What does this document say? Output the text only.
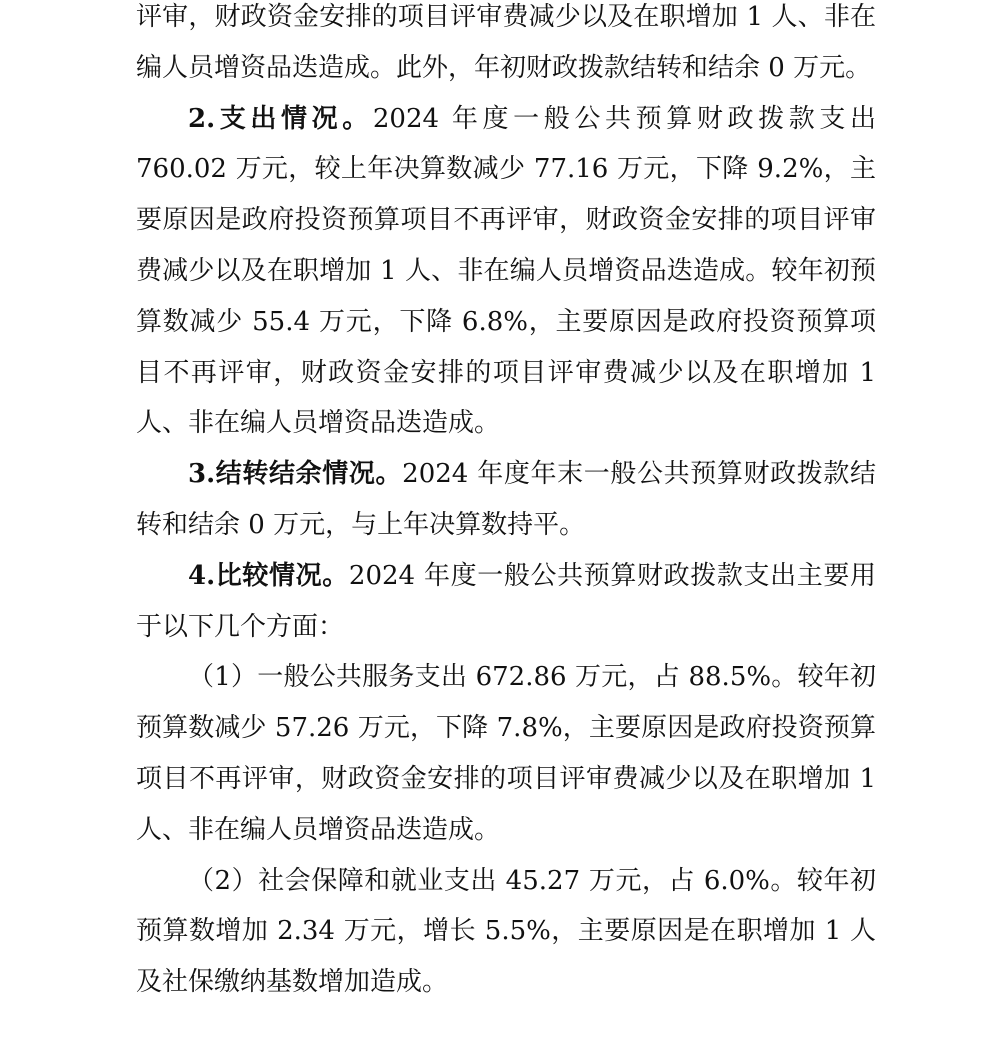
评审，财政资金安排的项目评审费减少以及在职增加 1 人、非在编人员增资品迭造成。此外，年初财政拨款结转和结余 0 万元。

2.支出情况。2024 年度一般公共预算财政拨款支出 760.02 万元，较上年决算数减少 77.16 万元，下降 9.2%，主要原因是政府投资预算项目不再评审，财政资金安排的项目评审费减少以及在职增加 1 人、非在编人员增资品迭造成。较年初预算数减少 55.4 万元，下降 6.8%，主要原因是政府投资预算项目不再评审，财政资金安排的项目评审费减少以及在职增加 1 人、非在编人员增资品迭造成。

3.结转结余情况。2024 年度年末一般公共预算财政拨款结转和结余 0 万元，与上年决算数持平。

4.比较情况。2024 年度一般公共预算财政拨款支出主要用于以下几个方面：

（1）一般公共服务支出 672.86 万元，占 88.5%。较年初预算数减少 57.26 万元，下降 7.8%，主要原因是政府投资预算项目不再评审，财政资金安排的项目评审费减少以及在职增加 1 人、非在编人员增资品迭造成。

（2）社会保障和就业支出 45.27 万元，占 6.0%。较年初预算数增加 2.34 万元，增长 5.5%，主要原因是在职增加 1 人及社保缴纳基数增加造成。
